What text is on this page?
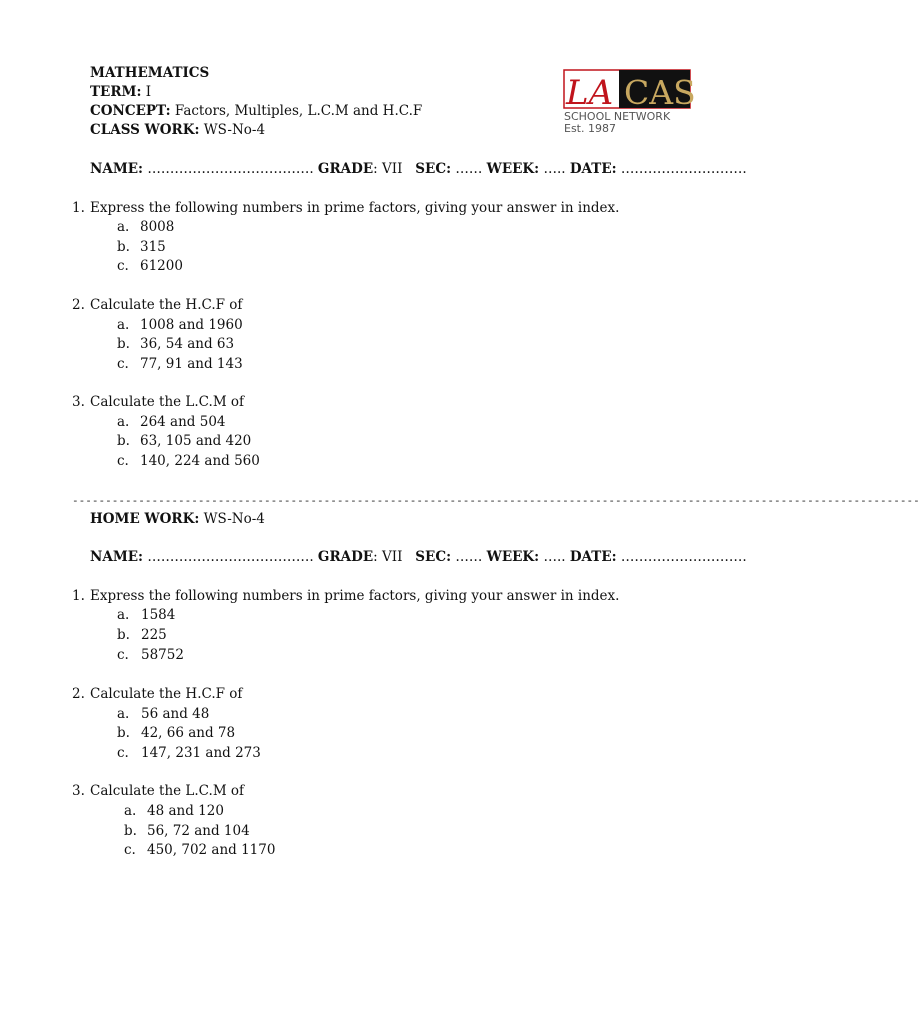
MATHEMATICS
TERM: I
CONCEPT: Factors, Multiples, L.C.M and H.C.F
CLASS WORK: WS-No-4
LA CAS
SCHOOL NETWORK
Est. 1987
NAME: ………………………………. GRADE: VII SEC: …… WEEK: ….. DATE: ……………………….
1. Express the following numbers in prime factors, giving your answer in index.
a. 8008
b. 315
c. 61200
2. Calculate the H.C.F of
a. 1008 and 1960
b. 36, 54 and 63
c. 77, 91 and 143
3. Calculate the L.C.M of
a. 264 and 504
b. 63, 105 and 420
c. 140, 224 and 560
--------------------------------------------------------------------------------------------------------------------------------
HOME WORK: WS-No-4
NAME: ………………………………. GRADE: VII SEC: …… WEEK: ….. DATE: ……………………….
1. Express the following numbers in prime factors, giving your answer in index.
a. 1584
b. 225
c. 58752
2. Calculate the H.C.F of
a. 56 and 48
b. 42, 66 and 78
c. 147, 231 and 273
3. Calculate the L.C.M of
a. 48 and 120
b. 56, 72 and 104
c. 450, 702 and 1170
